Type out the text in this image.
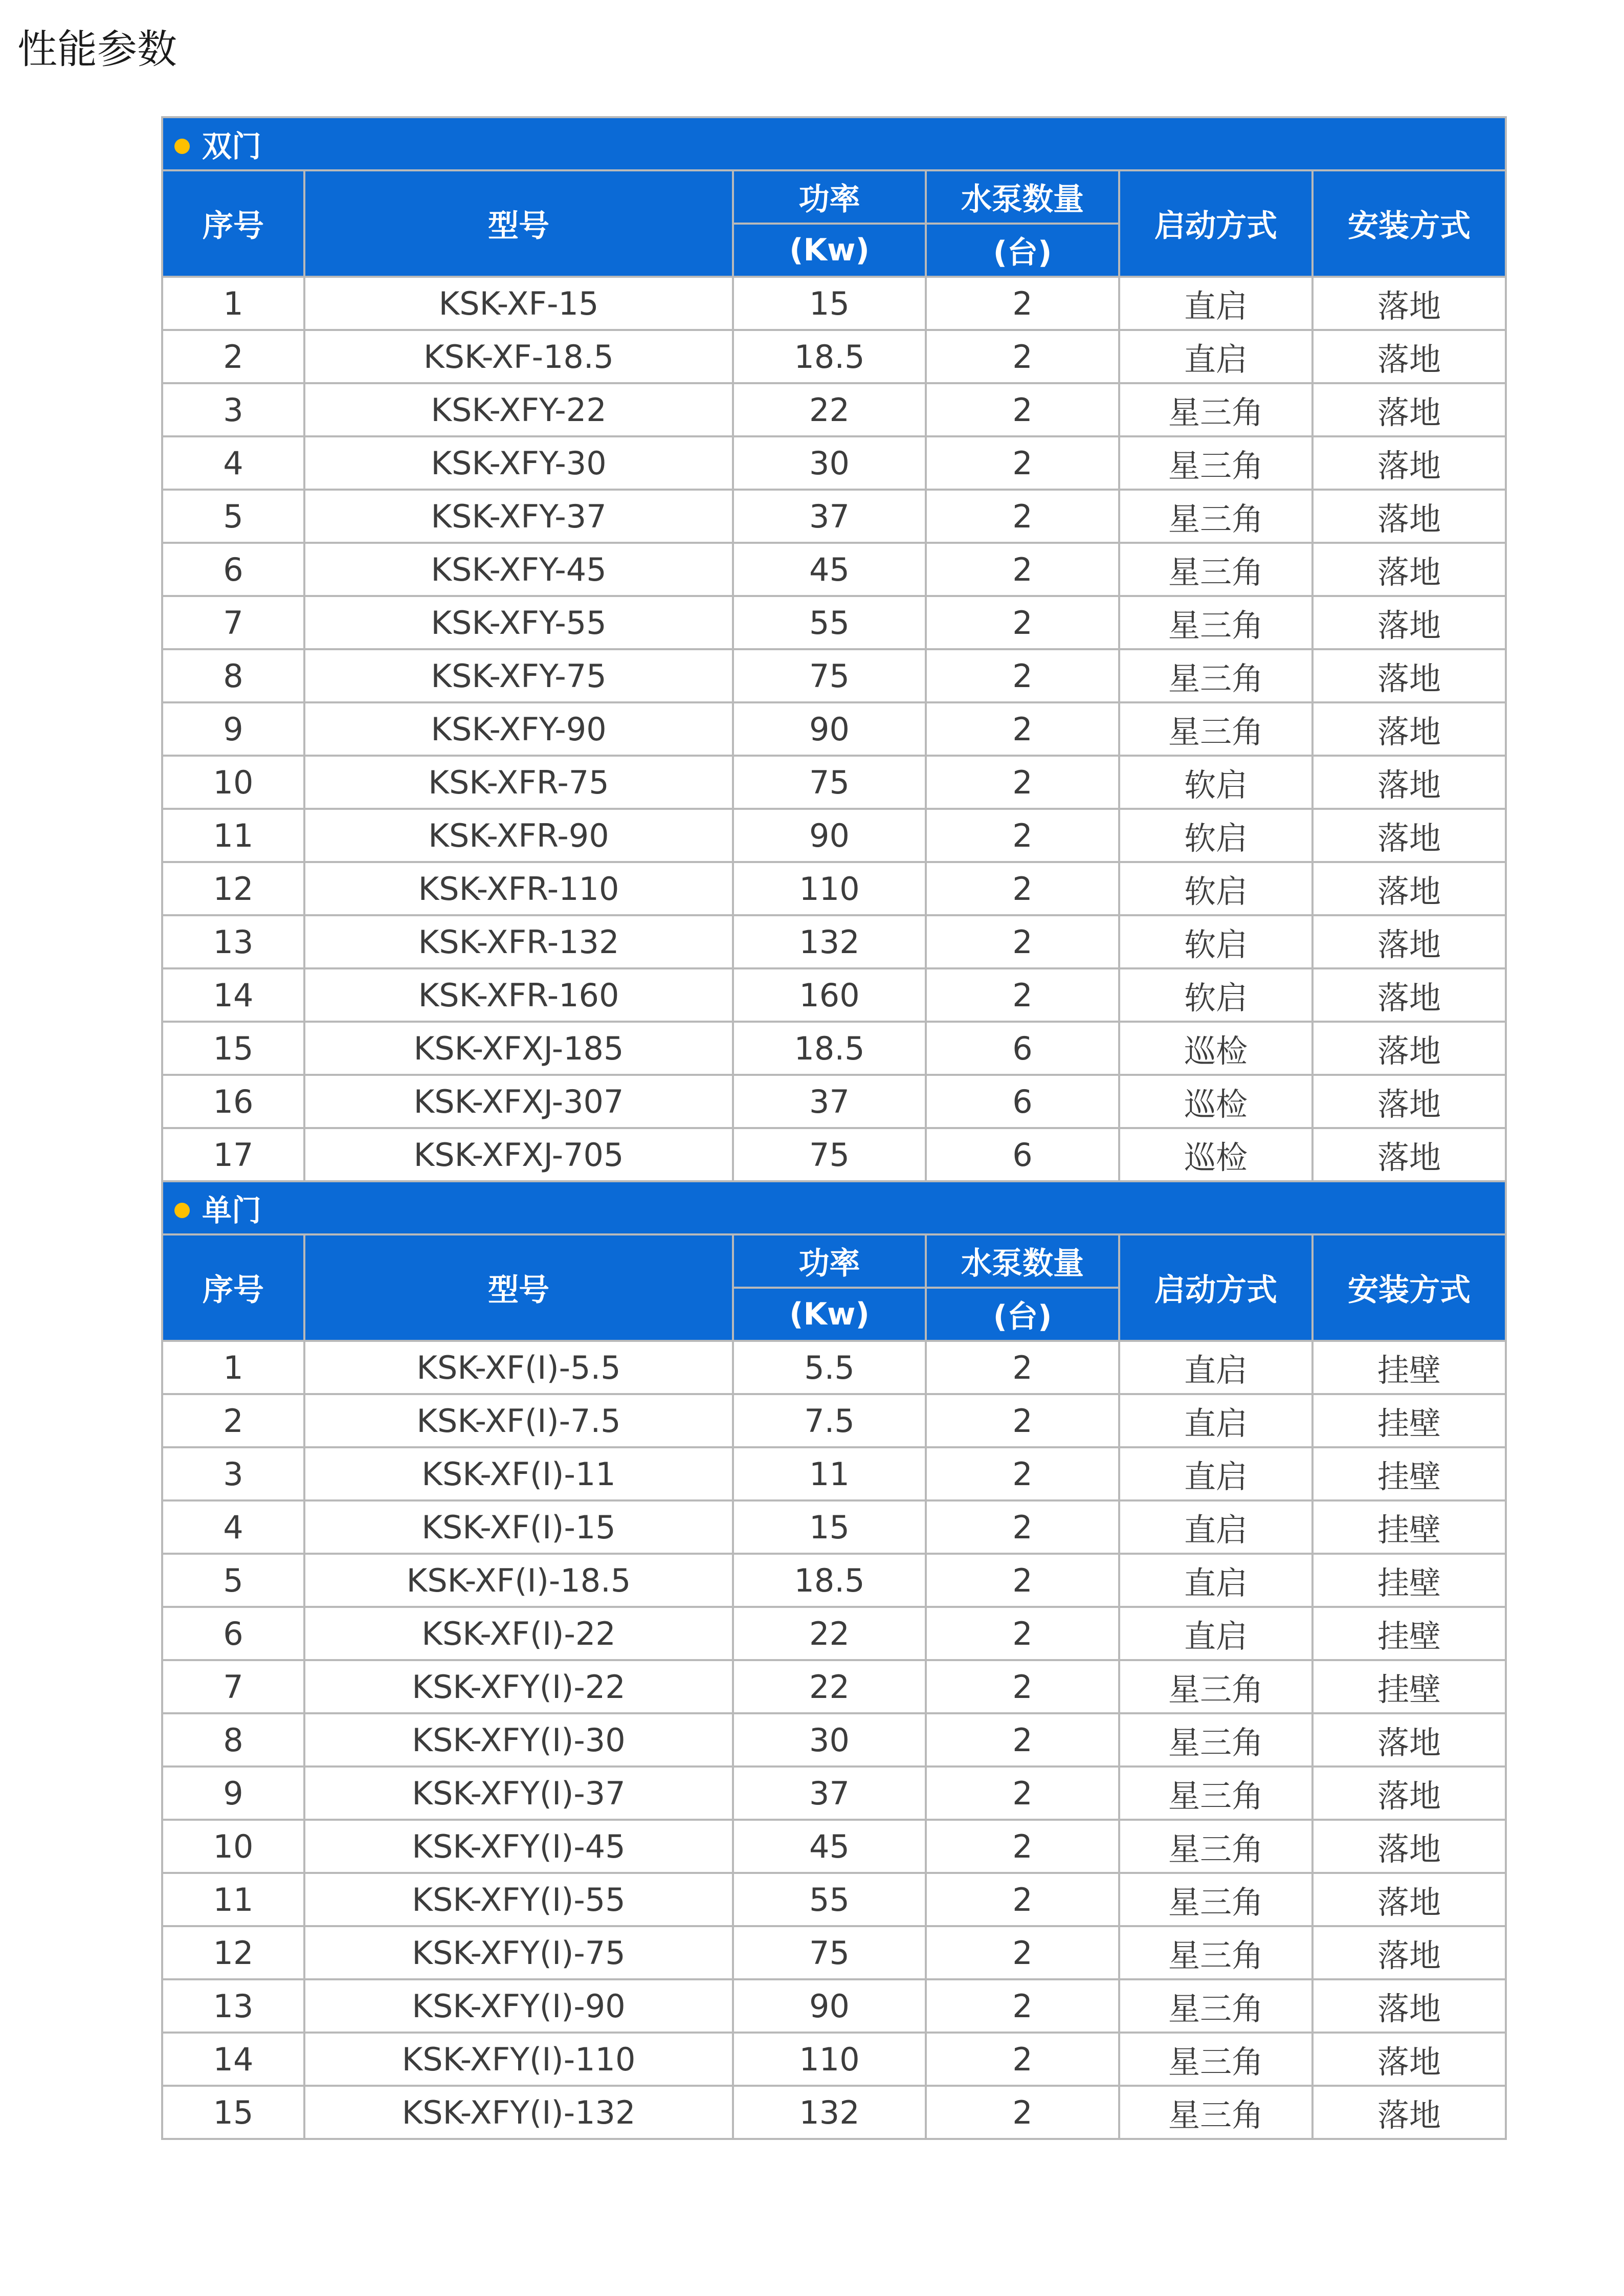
性能参数
双门					
序号	型号	功率	水泵数量	启动方式	安装方式
		(Kw)	(台)		
1	KSK-XF-15	15	2	直启	落地
2	KSK-XF-18.5	18.5	2	直启	落地
3	KSK-XFY-22	22	2	星三角	落地
4	KSK-XFY-30	30	2	星三角	落地
5	KSK-XFY-37	37	2	星三角	落地
6	KSK-XFY-45	45	2	星三角	落地
7	KSK-XFY-55	55	2	星三角	落地
8	KSK-XFY-75	75	2	星三角	落地
9	KSK-XFY-90	90	2	星三角	落地
10	KSK-XFR-75	75	2	软启	落地
11	KSK-XFR-90	90	2	软启	落地
12	KSK-XFR-110	110	2	软启	落地
13	KSK-XFR-132	132	2	软启	落地
14	KSK-XFR-160	160	2	软启	落地
15	KSK-XFXJ-185	18.5	6	巡检	落地
16	KSK-XFXJ-307	37	6	巡检	落地
17	KSK-XFXJ-705	75	6	巡检	落地
单门					
序号	型号	功率	水泵数量	启动方式	安装方式
		(Kw)	(台)		
1	KSK-XF(I)-5.5	5.5	2	直启	挂壁
2	KSK-XF(I)-7.5	7.5	2	直启	挂壁
3	KSK-XF(I)-11	11	2	直启	挂壁
4	KSK-XF(I)-15	15	2	直启	挂壁
5	KSK-XF(I)-18.5	18.5	2	直启	挂壁
6	KSK-XF(I)-22	22	2	直启	挂壁
7	KSK-XFY(I)-22	22	2	星三角	挂壁
8	KSK-XFY(I)-30	30	2	星三角	落地
9	KSK-XFY(I)-37	37	2	星三角	落地
10	KSK-XFY(I)-45	45	2	星三角	落地
11	KSK-XFY(I)-55	55	2	星三角	落地
12	KSK-XFY(I)-75	75	2	星三角	落地
13	KSK-XFY(I)-90	90	2	星三角	落地
14	KSK-XFY(I)-110	110	2	星三角	落地
15	KSK-XFY(I)-132	132	2	星三角	落地
